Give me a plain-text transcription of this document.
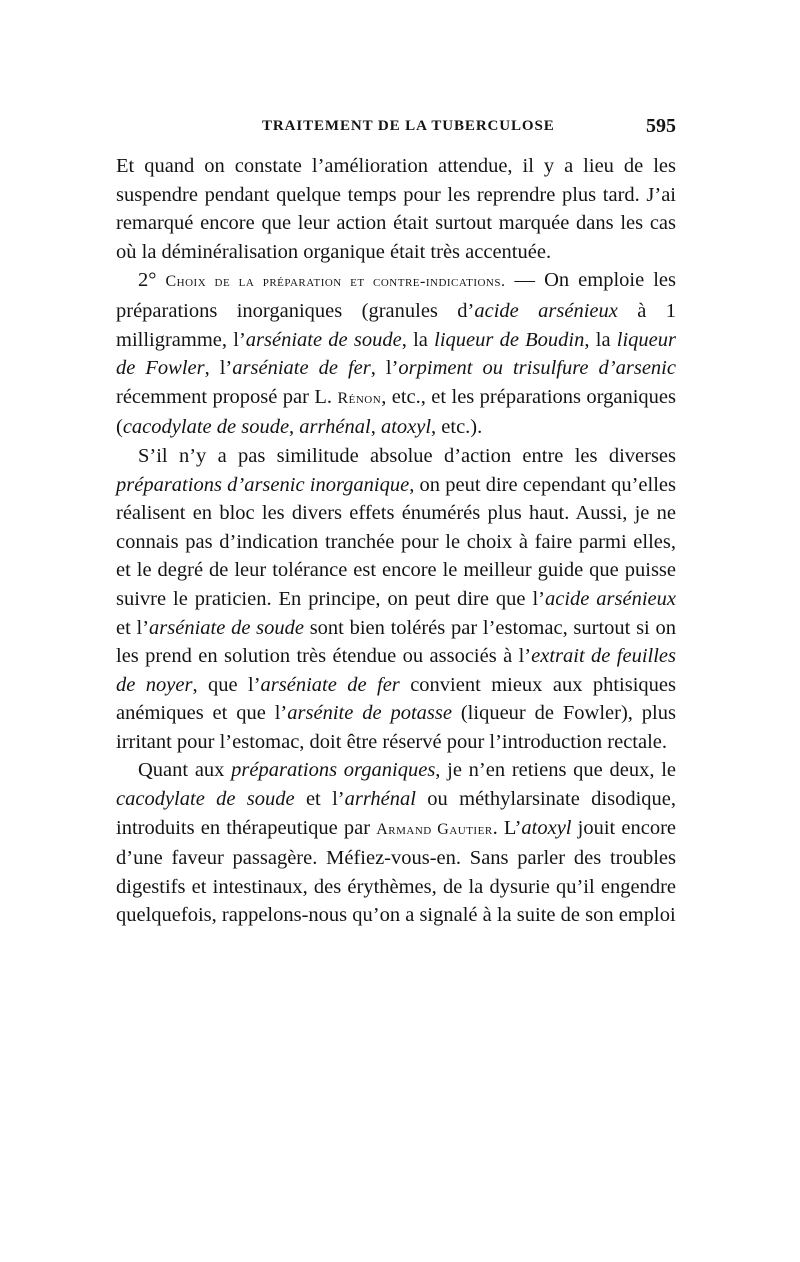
TRAITEMENT DE LA TUBERCULOSE	595

Et quand on constate l’amélioration attendue, il y a lieu de les suspendre pendant quelque temps pour les reprendre plus tard. J’ai remarqué encore que leur action était surtout marquée dans les cas où la déminéralisation organique était très accentuée.

2° Choix de la préparation et contre-indications. — On emploie les préparations inorganiques (granules d’acide arsénieux à 1 milligramme, l’arséniate de soude, la liqueur de Boudin, la liqueur de Fowler, l’arséniate de fer, l’orpiment ou trisulfure d’arsenic récemment proposé par L. Rénon, etc., et les préparations organiques (cacodylate de soude, arrhénal, atoxyl, etc.).

S’il n’y a pas similitude absolue d’action entre les diverses préparations d’arsenic inorganique, on peut dire cependant qu’elles réalisent en bloc les divers effets énumérés plus haut. Aussi, je ne connais pas d’indication tranchée pour le choix à faire parmi elles, et le degré de leur tolérance est encore le meilleur guide que puisse suivre le praticien. En principe, on peut dire que l’acide arsénieux et l’arséniate de soude sont bien tolérés par l’estomac, surtout si on les prend en solution très étendue ou associés à l’extrait de feuilles de noyer, que l’arséniate de fer convient mieux aux phtisiques anémiques et que l’arsénite de potasse (liqueur de Fowler), plus irritant pour l’estomac, doit être réservé pour l’introduction rectale.

Quant aux préparations organiques, je n’en retiens que deux, le cacodylate de soude et l’arrhénal ou méthylarsinate disodique, introduits en thérapeutique par Armand Gautier. L’atoxyl jouit encore d’une faveur passagère. Méfiez-vous-en. Sans parler des troubles digestifs et intestinaux, des érythèmes, de la dysurie qu’il engendre quelquefois, rappelons-nous qu’on a signalé à la suite de son emploi
